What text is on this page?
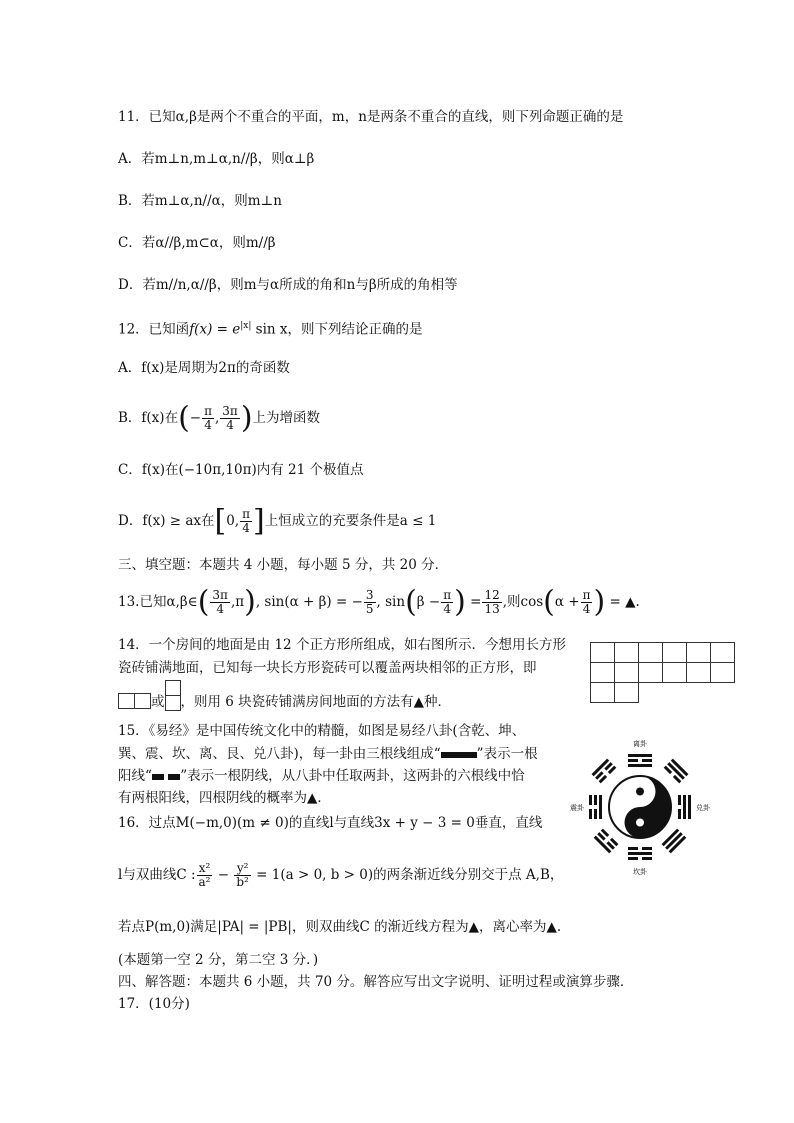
11．已知α,β是两个不重合的平面，m，n是两条不重合的直线，则下列命题正确的是
A．若m⊥n,m⊥α,n//β，则α⊥β
B．若m⊥α,n//α，则m⊥n
C．若α//β,m⊂α，则m//β
D．若m//n,α//β，则m与α所成的角和n与β所成的角相等
12．已知函$f(x) = e^{|x|}$ sin x，则下列结论正确的是
A．f(x)是周期为2π的奇函数
B．f(x)在(− $\frac{\pi}{4}$ , $\frac{3\pi}{4}$ )上为增函数
C．f(x)在(−10π,10π)内有 21 个极值点
D．f(x) ≥ ax在[0, $\frac{\pi}{4}$ ]上恒成立的充要条件是a ≤ 1
三、填空题：本题共 4 小题，每小题 5 分，共 20 分．
13.已知α,β∈( $\frac{3\pi}{4} ,\pi$), sin(α + β) = − $\frac{3}{5}$ , $\sin(\beta - \frac{\pi}{4}$ ) = $\frac{12}{13}$ ,则$\cos(\alpha + \frac{\pi}{4}$ ) = ▲.
14．一个房间的地面是由 12 个正方形所组成，如右图所示．今想用长方形
瓷砖铺满地面，已知每一块长方形瓷砖可以覆盖两块相邻的正方形，即
或 ，则用 6 块瓷砖铺满房间地面的方法有▲种．
15．《易经》是中国传统文化中的精髓，如图是易经八卦(含乾、坤、
巽、震、坎、离、艮、兑八卦)，每一卦由三根线组成“	”表示一根
阳线“ ”表示一根阴线，从八卦中任取两卦，这两卦的六根线中恰
有两根阳线，四根阴线的概率为▲．
离卦
坎卦
震卦	兑卦
16．过点M(−m,0)(m ≠ 0)的直线l与直线3x + y − 3 = 0垂直，直线
l与双曲线C : $\frac{\text{x²}}{\text{a²}} - \frac{\text{y²}}{\text{b²}} = 1(a > 0$, b > 0)的两条渐近线分别交于点 A,B，
若点P(m,0)满足|PA| = |PB|，则双曲线C 的渐近线方程为▲，离心率为▲.
(本题第一空 2 分，第二空 3 分．)
四、解答题：本题共 6 小题，共 70 分。解答应写出文字说明、证明过程或演算步骤．
17．(10分)
